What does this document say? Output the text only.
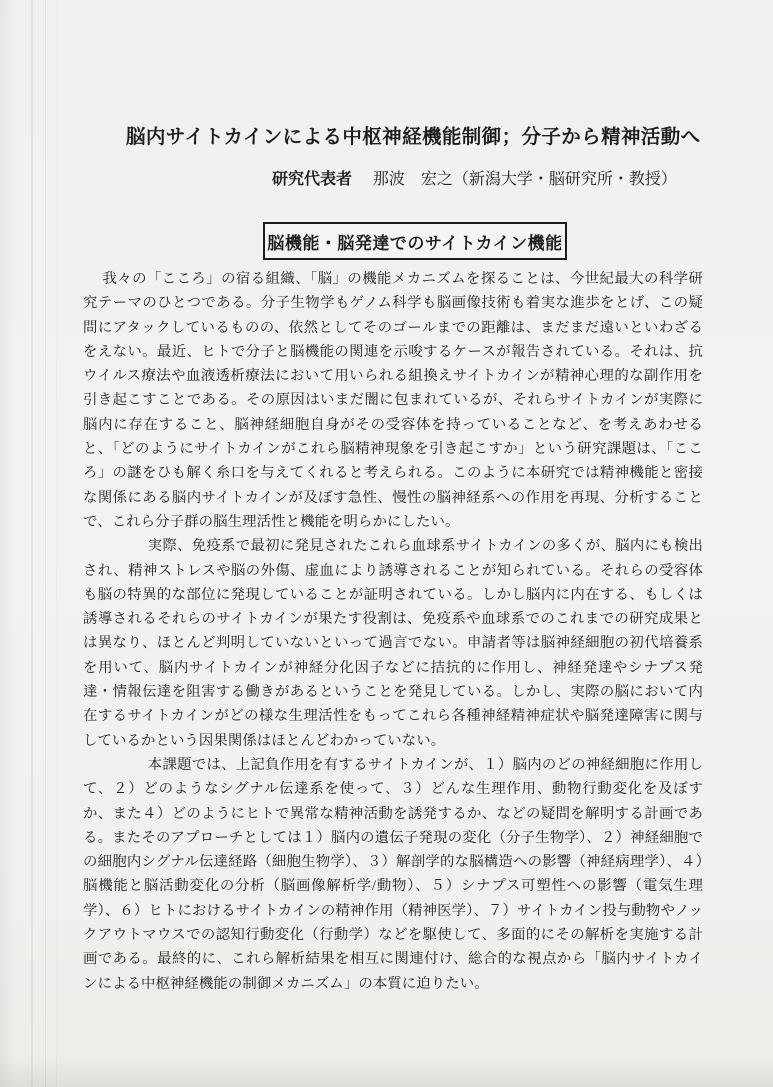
脳内サイトカインによる中枢神経機能制御；分子から精神活動へ
研究代表者 那波　宏之（新潟大学・脳研究所・教授）
脳機能・脳発達でのサイトカイン機能

我々の「こころ」の宿る組織、「脳」の機能メカニズムを探ることは、今世紀最大の科学研究テーマのひとつである。分子生物学もゲノム科学も脳画像技術も着実な進歩をとげ、この疑問にアタックしているものの、依然としてそのゴールまでの距離は、まだまだ遠いといわざるをえない。最近、ヒトで分子と脳機能の関連を示唆するケースが報告されている。それは、抗ウイルス療法や血液透析療法において用いられる組換えサイトカインが精神心理的な副作用を引き起こすことである。その原因はいまだ闇に包まれているが、それらサイトカインが実際に脳内に存在すること、脳神経細胞自身がその受容体を持っていることなど、を考えあわせると、「どのようにサイトカインがこれら脳精神現象を引き起こすか」という研究課題は、「こころ」の謎をひも解く糸口を与えてくれると考えられる。このように本研究では精神機能と密接な関係にある脳内サイトカインが及ぼす急性、慢性の脳神経系への作用を再現、分析することで、これら分子群の脳生理活性と機能を明らかにしたい。

実際、免疫系で最初に発見されたこれら血球系サイトカインの多くが、脳内にも検出され、精神ストレスや脳の外傷、虚血により誘導されることが知られている。それらの受容体も脳の特異的な部位に発現していることが証明されている。しかし脳内に内在する、もしくは誘導されるそれらのサイトカインが果たす役割は、免疫系や血球系でのこれまでの研究成果とは異なり、ほとんど判明していないといって過言でない。申請者等は脳神経細胞の初代培養系を用いて、脳内サイトカインが神経分化因子などに拮抗的に作用し、神経発達やシナプス発達・情報伝達を阻害する働きがあるということを発見している。しかし、実際の脳において内在するサイトカインがどの様な生理活性をもってこれら各種神経精神症状や脳発達障害に関与しているかという因果関係はほとんどわかっていない。

本課題では、上記負作用を有するサイトカインが、１）脳内のどの神経細胞に作用して、２）どのようなシグナル伝達系を使って、３）どんな生理作用、動物行動変化を及ぼすか、また４）どのようにヒトで異常な精神活動を誘発するか、などの疑問を解明する計画である。またそのアプローチとしては１）脳内の遺伝子発現の変化（分子生物学）、２）神経細胞での細胞内シグナル伝達経路（細胞生物学）、３）解剖学的な脳構造への影響（神経病理学）、４）脳機能と脳活動変化の分析（脳画像解析学/動物）、５）シナプス可塑性への影響（電気生理学）、６）ヒトにおけるサイトカインの精神作用（精神医学）、７）サイトカイン投与動物やノックアウトマウスでの認知行動変化（行動学）などを駆使して、多面的にその解析を実施する計画である。最終的に、これら解析結果を相互に関連付け、総合的な視点から「脳内サイトカインによる中枢神経機能の制御メカニズム」の本質に迫りたい。
